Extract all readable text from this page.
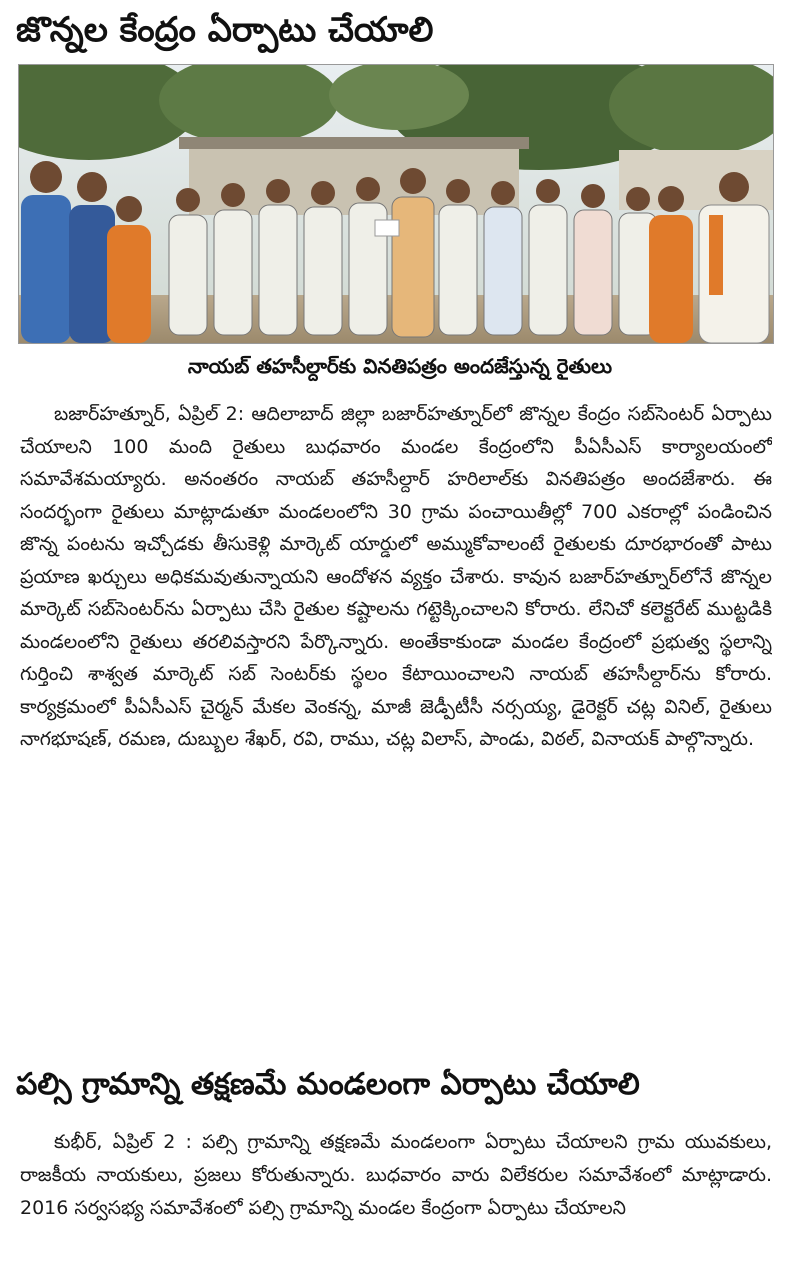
జొన్నల కేంద్రం ఏర్పాటు చేయాలి
నాయబ్ తహసీల్దార్‌కు వినతిపత్రం అందజేస్తున్న రైతులు
బజార్‌హత్నూర్, ఏప్రిల్ 2: ఆదిలాబాద్ జిల్లా బజార్‌హత్నూర్‌లో జొన్నల కేంద్రం సబ్‌సెంటర్ ఏర్పాటు చేయాలని 100 మంది రైతులు బుధవారం మండల కేంద్రంలోని పీఏసీఎస్ కార్యాలయంలో సమావేశమయ్యారు. అనంతరం నాయబ్ తహసీల్దార్ హరిలాల్‌కు వినతిపత్రం అందజేశారు. ఈ సందర్భంగా రైతులు మాట్లాడుతూ మండలంలోని 30 గ్రామ పంచాయితీల్లో 700 ఎకరాల్లో పండించిన జొన్న పంటను ఇచ్చోడకు తీసుకెళ్లి మార్కెట్ యార్డులో అమ్ముకోవాలంటే రైతులకు దూరభారంతో పాటు ప్రయాణ ఖర్చులు అధికమవుతున్నాయని ఆందోళన వ్యక్తం చేశారు. కావున బజార్‌హత్నూర్‌లోనే జొన్నల మార్కెట్ సబ్‌సెంటర్‌ను ఏర్పాటు చేసి రైతుల కష్టాలను గట్టెక్కించాలని కోరారు. లేనిచో కలెక్టరేట్ ముట్టడికి మండలంలోని రైతులు తరలివస్తారని పేర్కొన్నారు. అంతేకాకుండా మండల కేంద్రంలో ప్రభుత్వ స్థలాన్ని గుర్తించి శాశ్వత మార్కెట్ సబ్ సెంటర్‌కు స్థలం కేటాయించాలని నాయబ్ తహసీల్దార్‌ను కోరారు. కార్యక్రమంలో పీఏసీఎస్ చైర్మన్ మేకల వెంకన్న, మాజీ జెడ్పీటీసీ నర్సయ్య, డైరెక్టర్ చట్ల వినిల్, రైతులు నాగభూషణ్, రమణ, దుబ్బుల శేఖర్, రవి, రాము, చట్ల విలాస్, పాండు, విఠల్, వినాయక్ పాల్గొన్నారు.
పల్సి గ్రామాన్ని తక్షణమే మండలంగా ఏర్పాటు చేయాలి
కుభీర్, ఏప్రిల్ 2 : పల్సి గ్రామాన్ని తక్షణమే మండలంగా ఏర్పాటు చేయాలని గ్రామ యువకులు, రాజకీయ నాయకులు, ప్రజలు కోరుతున్నారు. బుధవారం వారు విలేకరుల సమావేశంలో మాట్లాడారు. 2016 సర్వసభ్య సమావేశంలో పల్సి గ్రామాన్ని మండల కేంద్రంగా ఏర్పాటు చేయాలని
